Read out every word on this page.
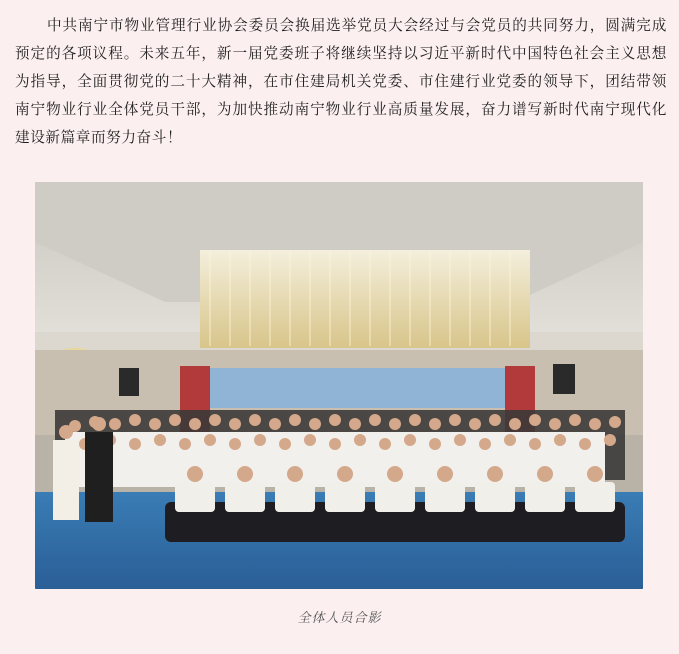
中共南宁市物业管理行业协会委员会换届选举党员大会经过与会党员的共同努力，圆满完成预定的各项议程。未来五年，新一届党委班子将继续坚持以习近平新时代中国特色社会主义思想为指导，全面贯彻党的二十大精神，在市住建局机关党委、市住建行业党委的领导下，团结带领南宁物业行业全体党员干部，为加快推动南宁物业行业高质量发展，奋力谱写新时代南宁现代化建设新篇章而努力奋斗！
全体人员合影
